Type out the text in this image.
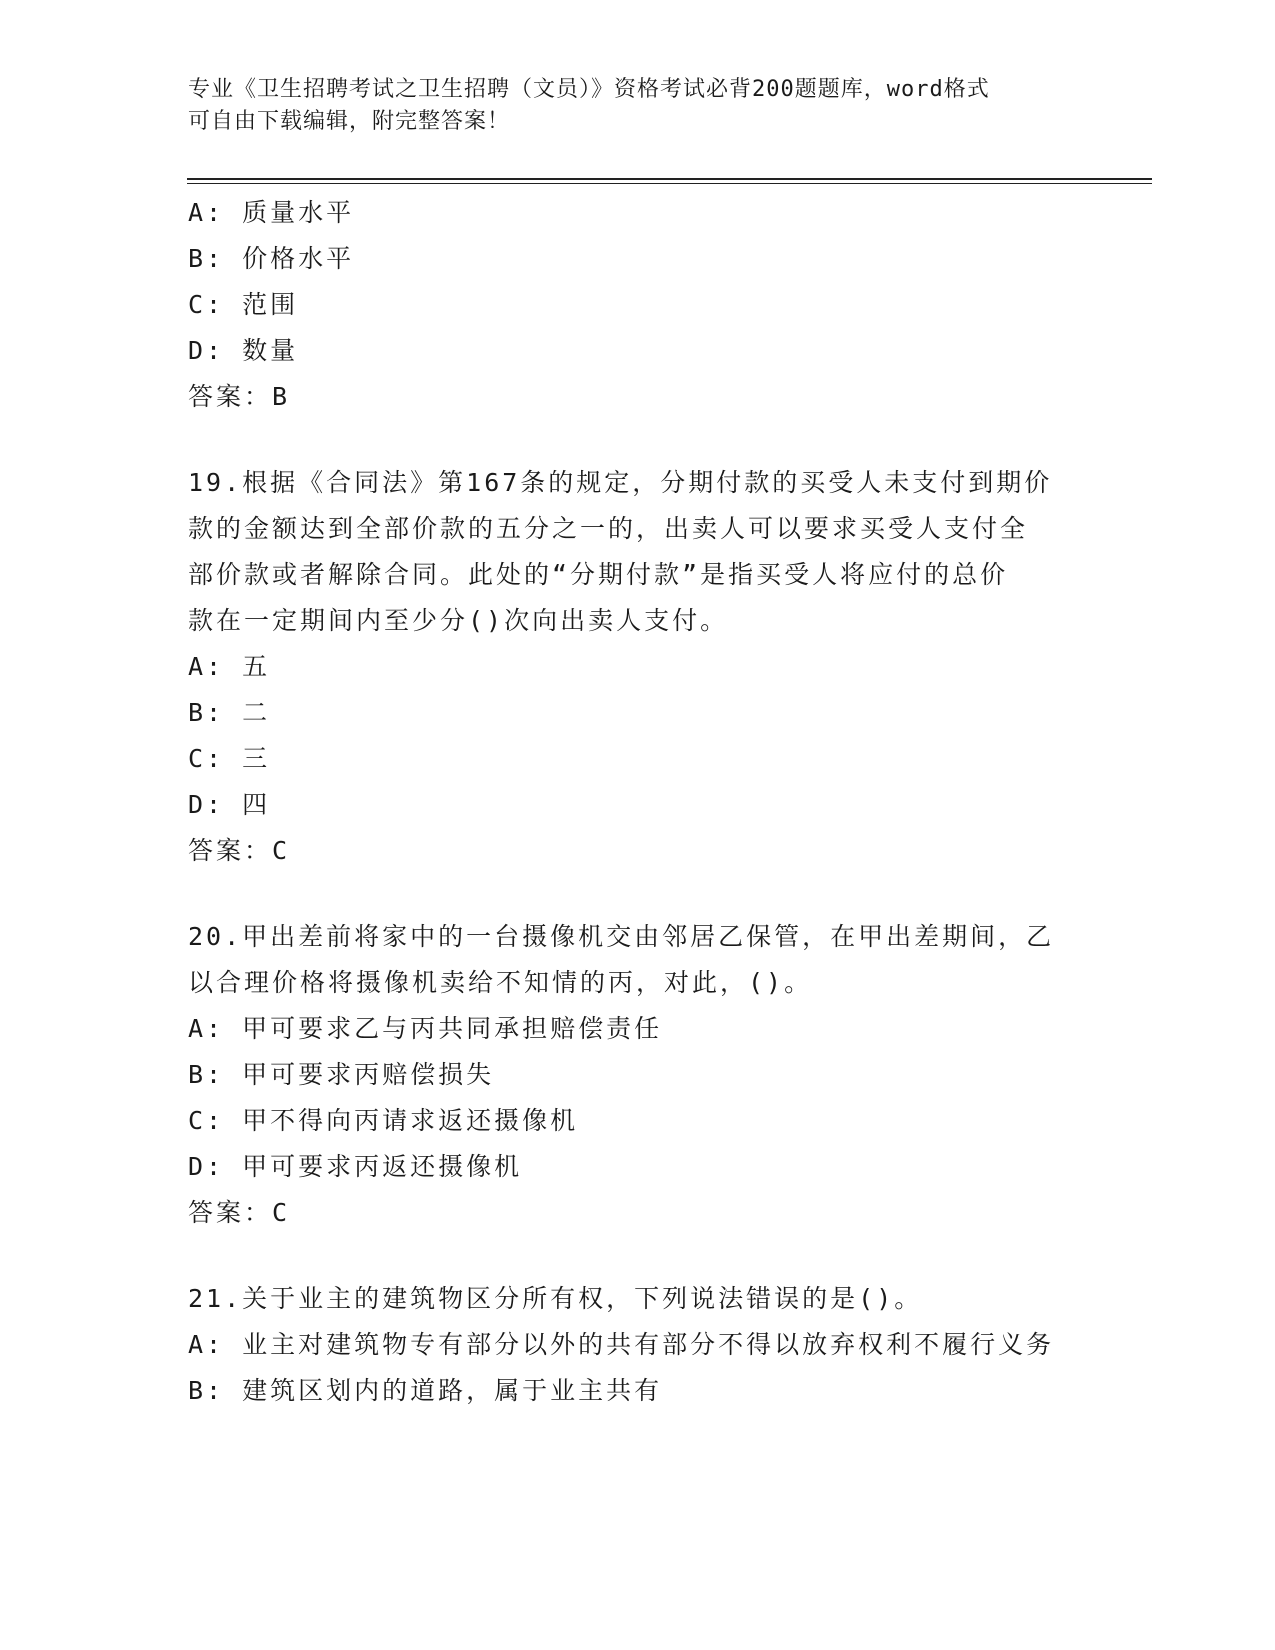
专业《卫生招聘考试之卫生招聘（文员）》资格考试必背200题题库，word格式
可自由下载编辑，附完整答案！
A: 质量水平
B: 价格水平
C: 范围
D: 数量
答案：B
19.根据《合同法》第167条的规定，分期付款的买受人未支付到期价
款的金额达到全部价款的五分之一的，出卖人可以要求买受人支付全
部价款或者解除合同。此处的“分期付款”是指买受人将应付的总价
款在一定期间内至少分()次向出卖人支付。
A: 五
B: 二
C: 三
D: 四
答案：C
20.甲出差前将家中的一台摄像机交由邻居乙保管，在甲出差期间，乙
以合理价格将摄像机卖给不知情的丙，对此，()。
A: 甲可要求乙与丙共同承担赔偿责任
B: 甲可要求丙赔偿损失
C: 甲不得向丙请求返还摄像机
D: 甲可要求丙返还摄像机
答案：C
21.关于业主的建筑物区分所有权，下列说法错误的是()。
A: 业主对建筑物专有部分以外的共有部分不得以放弃权利不履行义务
B: 建筑区划内的道路，属于业主共有
